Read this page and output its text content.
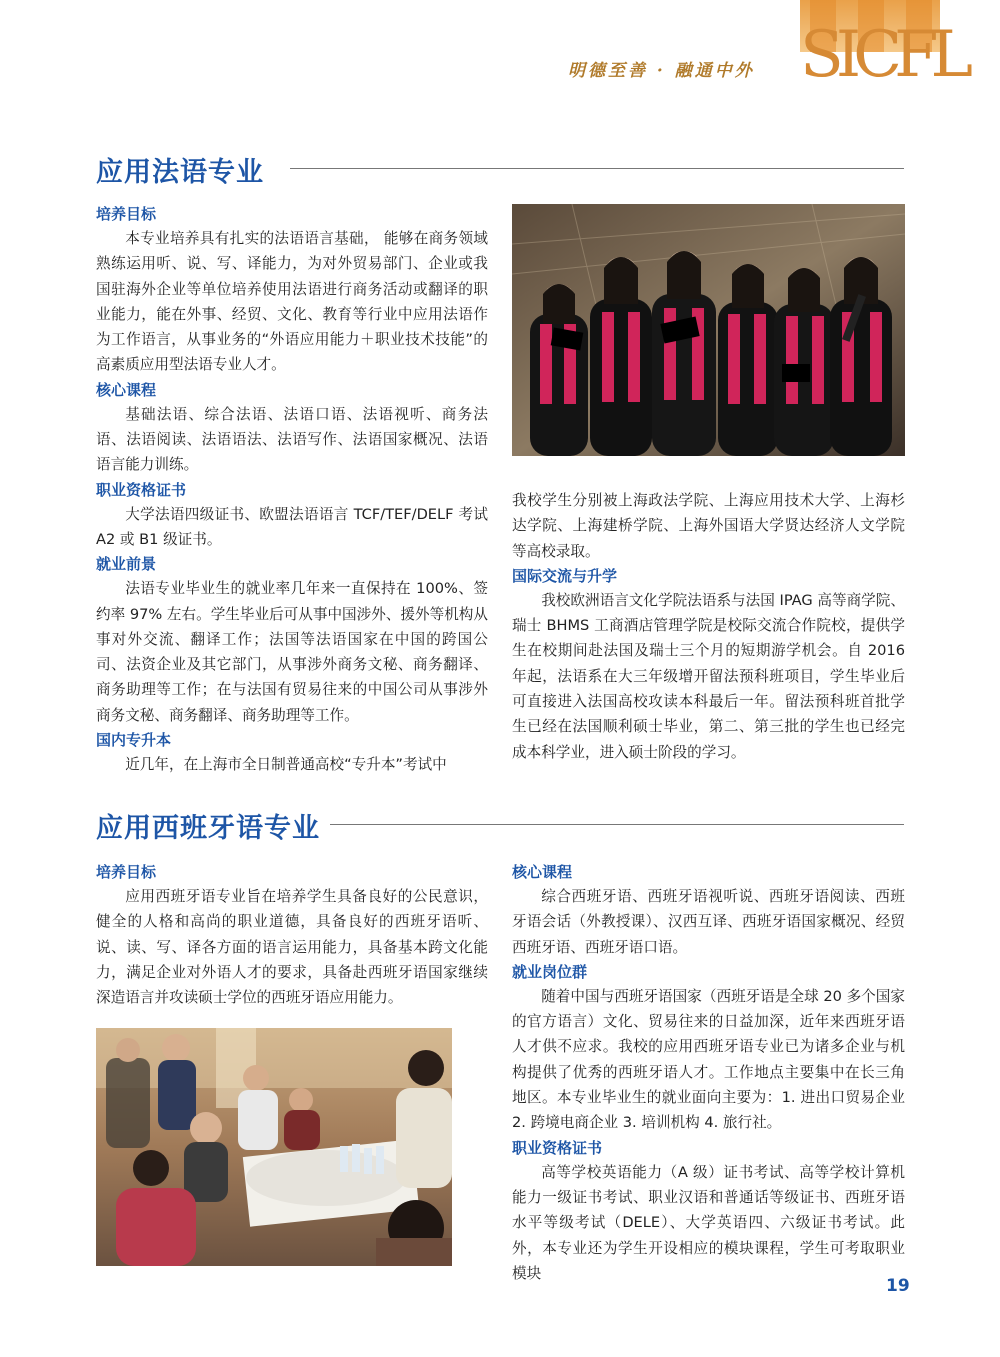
明德至善 · 融通中外 SICFL
应用法语专业
培养目标

本专业培养具有扎实的法语语言基础， 能够在商务领域熟练运用听、说、写、译能力，为对外贸易部门、企业或我国驻海外企业等单位培养使用法语进行商务活动或翻译的职业能力，能在外事、经贸、文化、教育等行业中应用法语作为工作语言，从事业务的“外语应用能力＋职业技术技能”的高素质应用型法语专业人才。

核心课程

基础法语、综合法语、法语口语、法语视听、商务法语、法语阅读、法语语法、法语写作、法语国家概况、法语语言能力训练。

职业资格证书

大学法语四级证书、欧盟法语语言 TCF/TEF/DELF 考试 A2 或 B1 级证书。

就业前景

法语专业毕业生的就业率几年来一直保持在 100%、签约率 97% 左右。学生毕业后可从事中国涉外、援外等机构从事对外交流、翻译工作；法国等法语国家在中国的跨国公司、法资企业及其它部门，从事涉外商务文秘、商务翻译、商务助理等工作；在与法国有贸易往来的中国公司从事涉外商务文秘、商务翻译、商务助理等工作。

国内专升本

近几年，在上海市全日制普通高校“专升本”考试中

我校学生分别被上海政法学院、上海应用技术大学、上海杉达学院、上海建桥学院、上海外国语大学贤达经济人文学院等高校录取。

国际交流与升学

我校欧洲语言文化学院法语系与法国 IPAG 高等商学院、瑞士 BHMS 工商酒店管理学院是校际交流合作院校，提供学生在校期间赴法国及瑞士三个月的短期游学机会。自 2016 年起，法语系在大三年级增开留法预科班项目，学生毕业后可直接进入法国高校攻读本科最后一年。留法预科班首批学生已经在法国顺利硕士毕业，第二、第三批的学生也已经完成本科学业，进入硕士阶段的学习。

应用西班牙语专业
培养目标

应用西班牙语专业旨在培养学生具备良好的公民意识，健全的人格和高尚的职业道德，具备良好的西班牙语听、说、读、写、译各方面的语言运用能力，具备基本跨文化能力，满足企业对外语人才的要求，具备赴西班牙语国家继续深造语言并攻读硕士学位的西班牙语应用能力。

核心课程

综合西班牙语、西班牙语视听说、西班牙语阅读、西班牙语会话（外教授课）、汉西互译、西班牙语国家概况、经贸西班牙语、西班牙语口语。

就业岗位群

随着中国与西班牙语国家（西班牙语是全球 20 多个国家的官方语言）文化、贸易往来的日益加深，近年来西班牙语人才供不应求。我校的应用西班牙语专业已为诸多企业与机构提供了优秀的西班牙语人才。工作地点主要集中在长三角地区。本专业毕业生的就业面向主要为：1. 进出口贸易企业 2. 跨境电商企业 3. 培训机构 4. 旅行社。

职业资格证书

高等学校英语能力（A 级）证书考试、高等学校计算机能力一级证书考试、职业汉语和普通话等级证书、西班牙语水平等级考试（DELE）、大学英语四、六级证书考试。此外，本专业还为学生开设相应的模块课程，学生可考取职业模块

19
